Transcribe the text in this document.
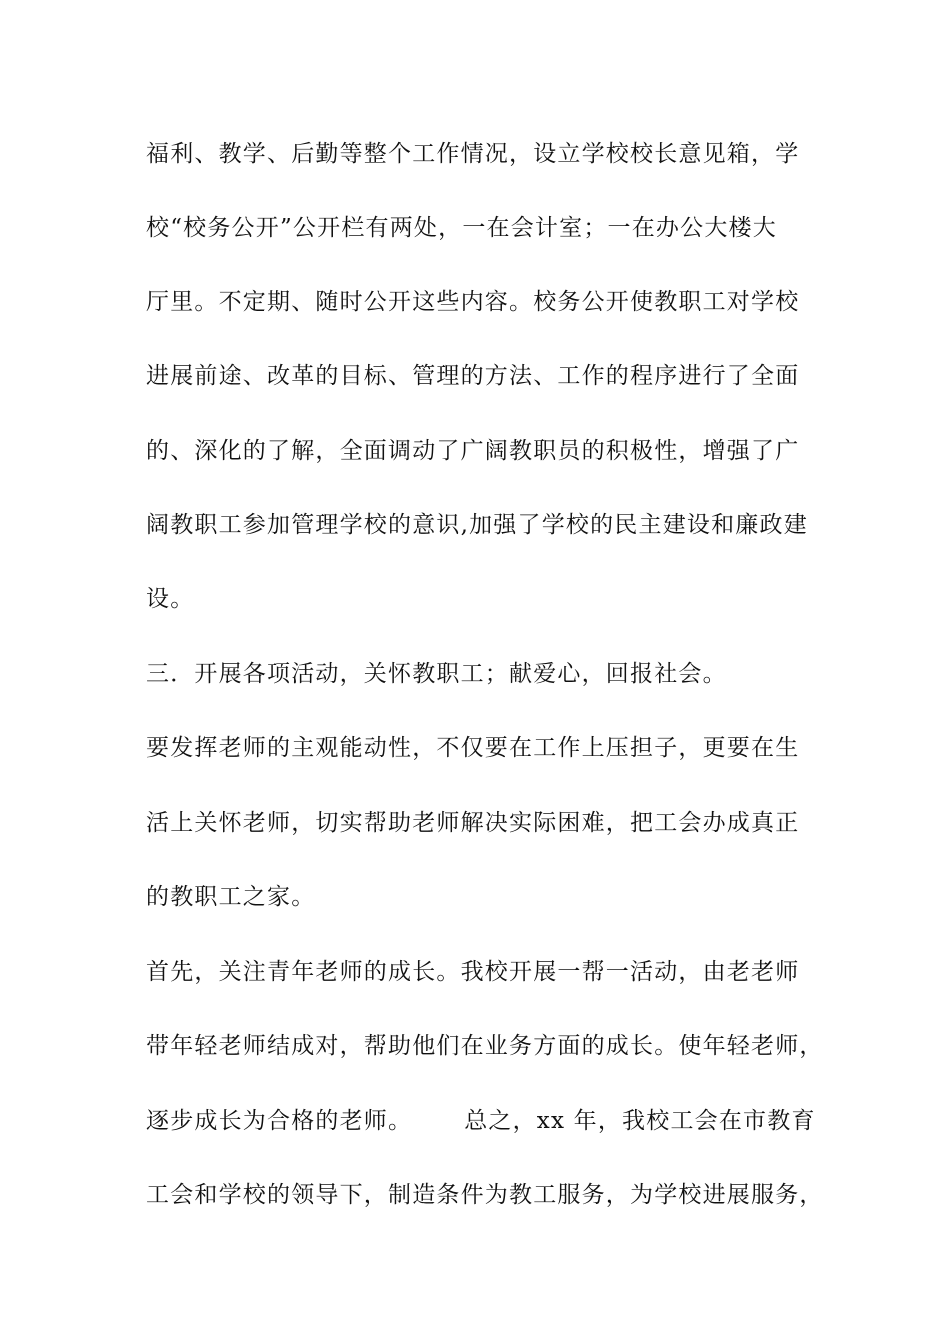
福利、教学、后勤等整个工作情况，设立学校校长意见箱，学
校“校务公开”公开栏有两处，一在会计室；一在办公大楼大
厅里。不定期、随时公开这些内容。校务公开使教职工对学校
进展前途、改革的目标、管理的方法、工作的程序进行了全面
的、深化的了解，全面调动了广阔教职员的积极性，增强了广
阔教职工参加管理学校的意识,加强了学校的民主建设和廉政建
设。
三．开展各项活动，关怀教职工；献爱心，回报社会。
要发挥老师的主观能动性，不仅要在工作上压担子，更要在生
活上关怀老师，切实帮助老师解决实际困难，把工会办成真正
的教职工之家。
首先，关注青年老师的成长。我校开展一帮一活动，由老老师
带年轻老师结成对，帮助他们在业务方面的成长。使年轻老师，
逐步成长为合格的老师。 总之，xx 年，我校工会在市教育
工会和学校的领导下，制造条件为教工服务，为学校进展服务，
